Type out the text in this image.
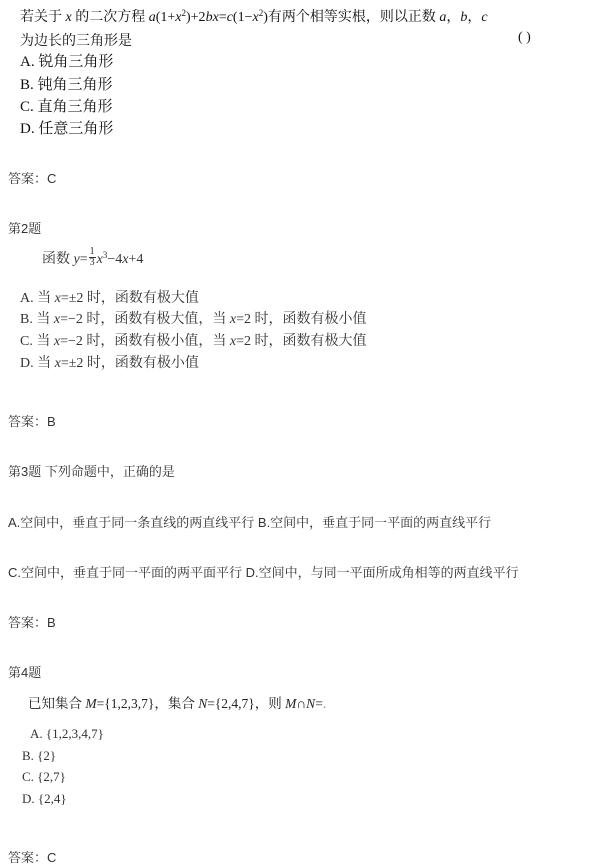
若关于 x 的二次方程 $a(1+x^2)+2bx=c(1-x^2)$有两个相等实根，则以正数 a，b，c
为边长的三角形是	( )
A. 锐角三角形
B. 钝角三角形
C. 直角三角形
D. 任意三角形
答案：C
第2题
函数 $y= \frac{1}{3} x^3-4x+4$
A. 当 x=±2 时，函数有极大值
B. 当 x=−2 时，函数有极大值，当 x=2 时，函数有极小值
C. 当 x=−2 时，函数有极小值，当 x=2 时，函数有极大值
D. 当 x=±2 时，函数有极小值
答案：B
第3题 下列命题中，正确的是
A.空间中，垂直于同一条直线的两直线平行 B.空间中，垂直于同一平面的两直线平行
C.空间中，垂直于同一平面的两平面平行 D.空间中，与同一平面所成角相等的两直线平行
答案：B
第4题
已知集合 M={1,2,3,7}，集合 N={2,4,7}，则 M∩N=.
A. {1,2,3,4,7}
B. {2}
C. {2,7}
D. {2,4}
答案：C
